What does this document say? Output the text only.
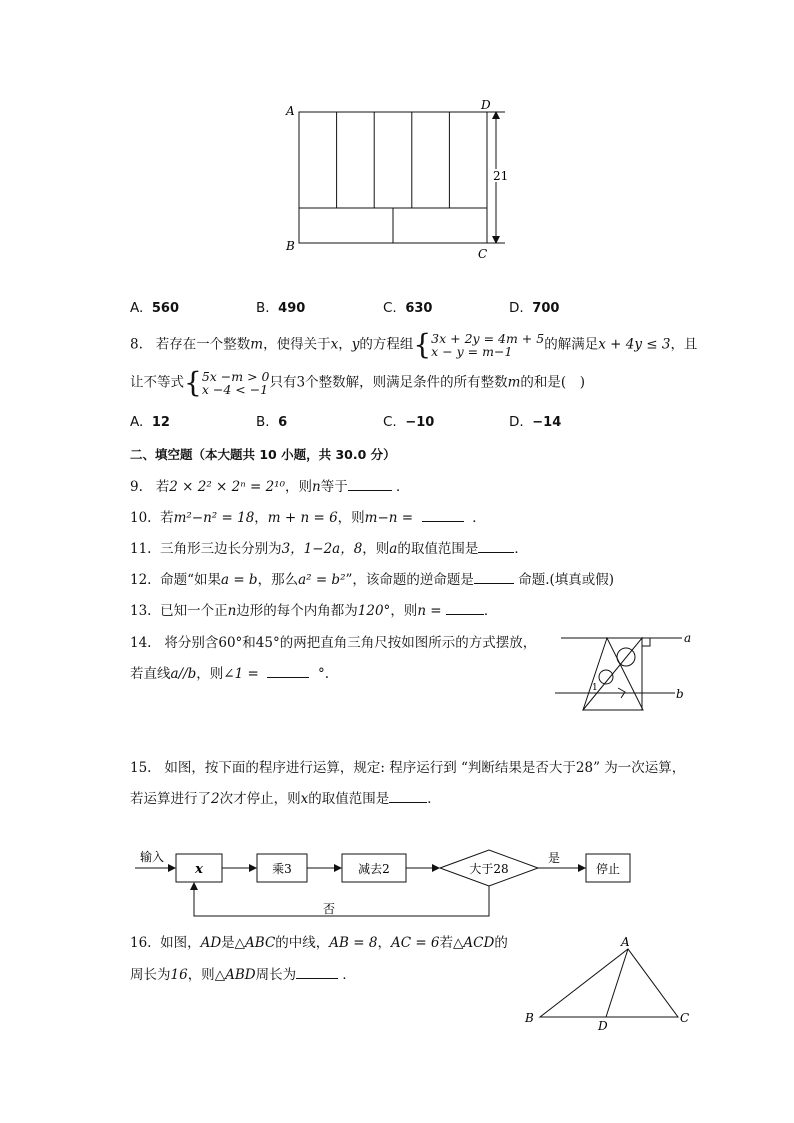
A	D
B
C
21
A. 560	B. 490	C. 630	D. 700
8. 若存在一个整数m，使得关于x，y的方程组{3x + 2y = 4m + 5
x − y = m−1 的解满足x + 4y ≤ 3，且
让不等式{5x −m > 0
x −4 < −1只有3个整数解，则满足条件的所有整数m的和是(　)
A. 12	B. 6	C. −10	D. −14
二、填空题（本大题共 10 小题，共 30.0 分）
9. 若2 × 2² × 2ⁿ = 2¹⁰，则n等于	．
10. 若m²−n² = 18，m + n = 6，则m−n =	．
11. 三角形三边长分别为3，1−2a，8，则a的取值范围是	．
12. 命题“如果a = b，那么a² = b²”，该命题的逆命题是	命题.(填真或假)
13. 已知一个正n边形的每个内角都为120°，则n =	．
14. 将分别含60°和45°的两把直角三角尺按如图所示的方式摆放，
若直线a//b，则∠1 =	°.
1
a
b
15. 如图，按下面的程序进行运算，规定: 程序运行到 “判断结果是否大于28” 为一次运算，
若运算进行了2次才停止，则x的取值范围是	．
输入
x	乘3	减去2	大于28
是
停止
否
16. 如图，AD是△ABC的中线，AB = 8，AC = 6若△ACD的
周长为16，则△ABD周长为	．
A
B	C
D
